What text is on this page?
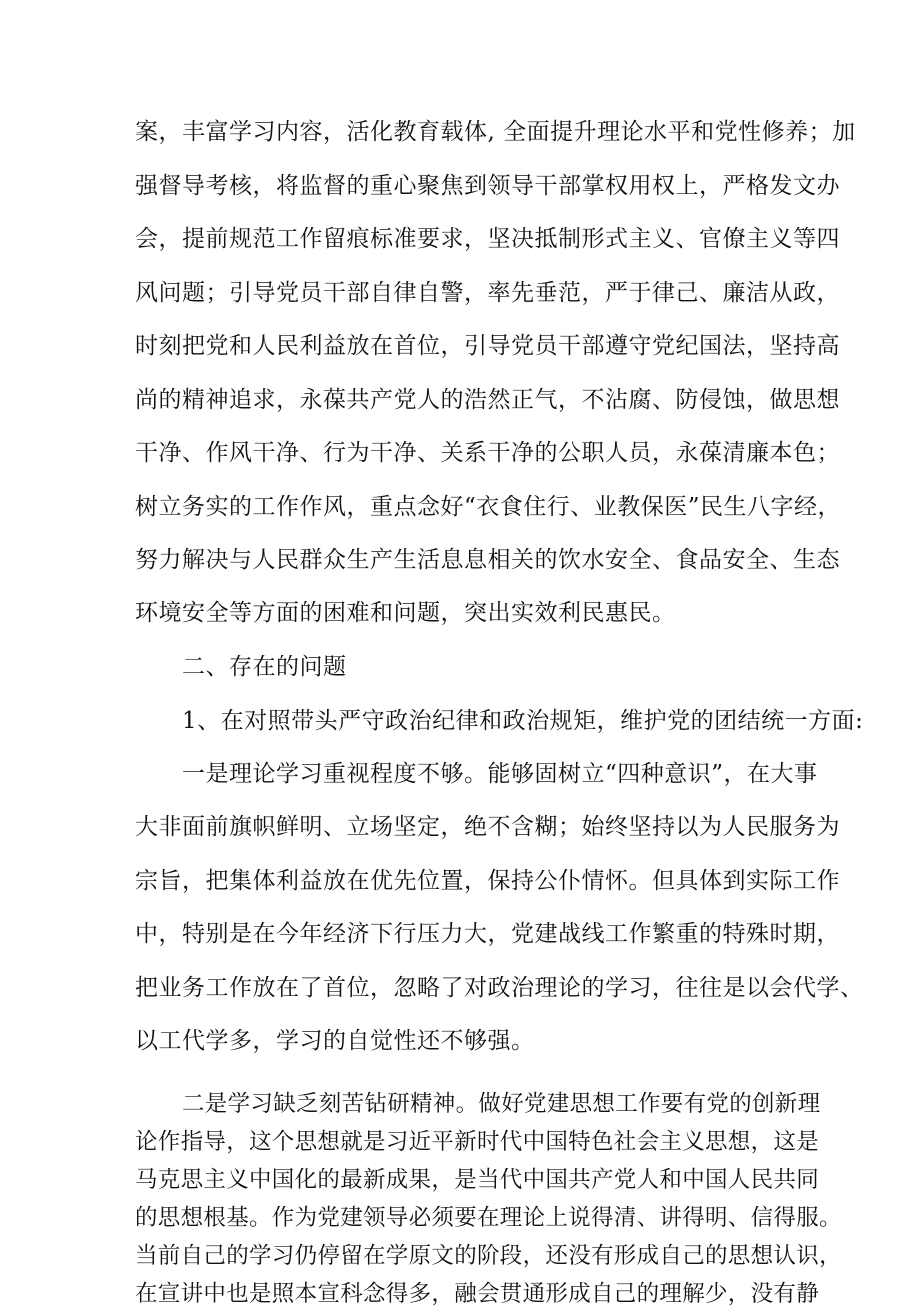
案，丰富学习内容，活化教育载体, 全面提升理论水平和党性修养；加
强督导考核，将监督的重心聚焦到领导干部掌权用权上，严格发文办
会，提前规范工作留痕标准要求，坚决抵制形式主义、官僚主义等四
风问题；引导党员干部自律自警，率先垂范，严于律己、廉洁从政，
时刻把党和人民利益放在首位，引导党员干部遵守党纪国法，坚持高
尚的精神追求，永葆共产党人的浩然正气，不沾腐、防侵蚀，做思想
干净、作风干净、行为干净、关系干净的公职人员，永葆清廉本色；
树立务实的工作作风，重点念好“衣食住行、业教保医”民生八字经，
努力解决与人民群众生产生活息息相关的饮水安全、食品安全、生态
环境安全等方面的困难和问题，突出实效利民惠民。
二、存在的问题
1、在对照带头严守政治纪律和政治规矩，维护党的团结统一方面:
一是理论学习重视程度不够。能够固树立“四种意识”，在大事
大非面前旗帜鲜明、立场坚定，绝不含糊；始终坚持以为人民服务为
宗旨，把集体利益放在优先位置，保持公仆情怀。但具体到实际工作
中，特别是在今年经济下行压力大，党建战线工作繁重的特殊时期，
把业务工作放在了首位，忽略了对政治理论的学习，往往是以会代学、
以工代学多，学习的自觉性还不够强。
二是学习缺乏刻苦钻研精神。做好党建思想工作要有党的创新理
论作指导，这个思想就是习近平新时代中国特色社会主义思想，这是
马克思主义中国化的最新成果，是当代中国共产党人和中国人民共同
的思想根基。作为党建领导必须要在理论上说得清、讲得明、信得服。
当前自己的学习仍停留在学原文的阶段，还没有形成自己的思想认识，
在宣讲中也是照本宣科念得多，融会贯通形成自己的理解少，没有静
